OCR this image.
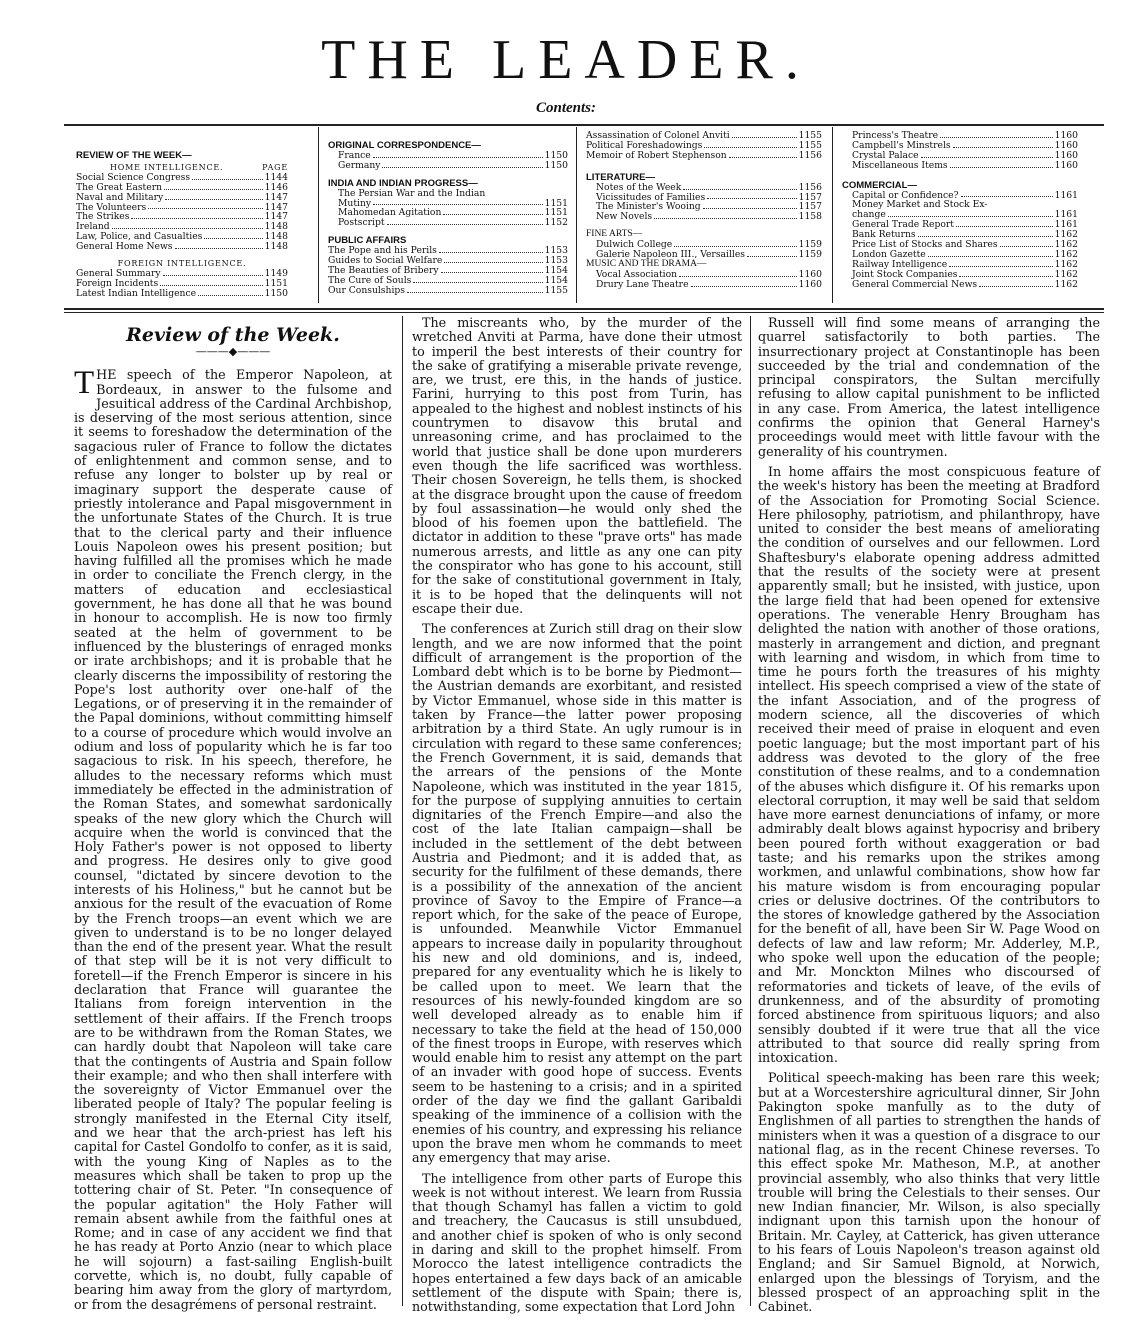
THE LEADER.
Contents:
REVIEW OF THE WEEK—
HOME INTELLIGENCE.	PAGE
Social Science Congress	1144
The Great Eastern	1146
Naval and Military	1147
The Volunteers	1147
The Strikes	1147
Ireland	1148
Law, Police, and Casualties	1148
General Home News	1148
FOREIGN INTELLIGENCE.
General Summary	1149
Foreign Incidents	1151
Latest Indian Intelligence	1150
ORIGINAL CORRESPONDENCE—
France	1150
Germany	1150
INDIA AND INDIAN PROGRESS—
The Persian War and the Indian
Mutiny	1151
Mahomedan Agitation	1151
Postscript	1152
PUBLIC AFFAIRS
The Pope and his Perils	1153
Guides to Social Welfare	1153
The Beauties of Bribery	1154
The Cure of Souls	1154
Our Consulships	1155
Assassination of Colonel Anviti	1155
Political Foreshadowings	1155
Memoir of Robert Stephenson	1156
LITERATURE—
Notes of the Week	1156
Vicissitudes of Families	1157
The Minister's Wooing	1157
New Novels	1158
FINE ARTS—
Dulwich College	1159
Galerie Napoleon III., Versailles	1159
MUSIC AND THE DRAMA—
Vocal Association	1160
Drury Lane Theatre	1160
Princess's Theatre	1160
Campbell's Minstrels	1160
Crystal Palace	1160
Miscellaneous Items	1160
COMMERCIAL—
Capital or Confidence?	1161
Money Market and Stock Ex-
change	1161
General Trade Report	1161
Bank Returns	1162
Price List of Stocks and Shares	1162
London Gazette	1162
Railway Intelligence	1162
Joint Stock Companies	1162
General Commercial News	1162
Review of the Week.
———◆———

THE speech of the Emperor Napoleon, at Bordeaux, in answer to the fulsome and Jesuitical address of the Cardinal Archbishop, is deserving of the most serious attention, since it seems to foreshadow the determination of the sagacious ruler of France to follow the dictates of enlightenment and common sense, and to refuse any longer to bolster up by real or imaginary support the desperate cause of priestly intolerance and Papal misgovernment in the unfortunate States of the Church. It is true that to the clerical party and their influence Louis Napoleon owes his present position; but having fulfilled all the promises which he made in order to conciliate the French clergy, in the matters of education and ecclesiastical government, he has done all that he was bound in honour to accomplish. He is now too firmly seated at the helm of government to be influenced by the blusterings of enraged monks or irate archbishops; and it is probable that he clearly discerns the impossibility of restoring the Pope's lost authority over one-half of the Legations, or of preserving it in the remainder of the Papal dominions, without committing himself to a course of procedure which would involve an odium and loss of popularity which he is far too sagacious to risk. In his speech, therefore, he alludes to the necessary reforms which must immediately be effected in the administration of the Roman States, and somewhat sardonically speaks of the new glory which the Church will acquire when the world is convinced that the Holy Father's power is not opposed to liberty and progress. He desires only to give good counsel, "dictated by sincere devotion to the interests of his Holiness," but he cannot but be anxious for the result of the evacuation of Rome by the French troops—an event which we are given to understand is to be no longer delayed than the end of the present year. What the result of that step will be it is not very difficult to foretell—if the French Emperor is sincere in his declaration that France will guarantee the Italians from foreign intervention in the settlement of their affairs. If the French troops are to be withdrawn from the Roman States, we can hardly doubt that Napoleon will take care that the contingents of Austria and Spain follow their example; and who then shall interfere with the sovereignty of Victor Emmanuel over the liberated people of Italy? The popular feeling is strongly manifested in the Eternal City itself, and we hear that the arch-priest has left his capital for Castel Gondolfo to confer, as it is said, with the young King of Naples as to the measures which shall be taken to prop up the tottering chair of St. Peter. "In consequence of the popular agitation" the Holy Father will remain absent awhile from the faithful ones at Rome; and in case of any accident we find that he has ready at Porto Anzio (near to which place he will sojourn) a fast-sailing English-built corvette, which is, no doubt, fully capable of bearing him away from the glory of martyrdom, or from the desagrémens of personal restraint.

The miscreants who, by the murder of the wretched Anviti at Parma, have done their utmost to imperil the best interests of their country for the sake of gratifying a miserable private revenge, are, we trust, ere this, in the hands of justice. Farini, hurrying to this post from Turin, has appealed to the highest and noblest instincts of his countrymen to disavow this brutal and unreasoning crime, and has proclaimed to the world that justice shall be done upon murderers even though the life sacrificed was worthless. Their chosen Sovereign, he tells them, is shocked at the disgrace brought upon the cause of freedom by foul assassination—he would only shed the blood of his foemen upon the battlefield. The dictator in addition to these "prave orts" has made numerous arrests, and little as any one can pity the conspirator who has gone to his account, still for the sake of constitutional government in Italy, it is to be hoped that the delinquents will not escape their due.

The conferences at Zurich still drag on their slow length, and we are now informed that the point difficult of arrangement is the proportion of the Lombard debt which is to be borne by Piedmont—the Austrian demands are exorbitant, and resisted by Victor Emmanuel, whose side in this matter is taken by France—the latter power proposing arbitration by a third State. An ugly rumour is in circulation with regard to these same conferences; the French Government, it is said, demands that the arrears of the pensions of the Monte Napoleone, which was instituted in the year 1815, for the purpose of supplying annuities to certain dignitaries of the French Empire—and also the cost of the late Italian campaign—shall be included in the settlement of the debt between Austria and Piedmont; and it is added that, as security for the fulfilment of these demands, there is a possibility of the annexation of the ancient province of Savoy to the Empire of France—a report which, for the sake of the peace of Europe, is unfounded. Meanwhile Victor Emmanuel appears to increase daily in popularity throughout his new and old dominions, and is, indeed, prepared for any eventuality which he is likely to be called upon to meet. We learn that the resources of his newly-founded kingdom are so well developed already as to enable him if necessary to take the field at the head of 150,000 of the finest troops in Europe, with reserves which would enable him to resist any attempt on the part of an invader with good hope of success. Events seem to be hastening to a crisis; and in a spirited order of the day we find the gallant Garibaldi speaking of the imminence of a collision with the enemies of his country, and expressing his reliance upon the brave men whom he commands to meet any emergency that may arise.

The intelligence from other parts of Europe this week is not without interest. We learn from Russia that though Schamyl has fallen a victim to gold and treachery, the Caucasus is still unsubdued, and another chief is spoken of who is only second in daring and skill to the prophet himself. From Morocco the latest intelligence contradicts the hopes entertained a few days back of an amicable settlement of the dispute with Spain; there is, notwithstanding, some expectation that Lord John

Russell will find some means of arranging the quarrel satisfactorily to both parties. The insurrectionary project at Constantinople has been succeeded by the trial and condemnation of the principal conspirators, the Sultan mercifully refusing to allow capital punishment to be inflicted in any case. From America, the latest intelligence confirms the opinion that General Harney's proceedings would meet with little favour with the generality of his countrymen.

In home affairs the most conspicuous feature of the week's history has been the meeting at Bradford of the Association for Promoting Social Science. Here philosophy, patriotism, and philanthropy, have united to consider the best means of ameliorating the condition of ourselves and our fellowmen. Lord Shaftesbury's elaborate opening address admitted that the results of the society were at present apparently small; but he insisted, with justice, upon the large field that had been opened for extensive operations. The venerable Henry Brougham has delighted the nation with another of those orations, masterly in arrangement and diction, and pregnant with learning and wisdom, in which from time to time he pours forth the treasures of his mighty intellect. His speech comprised a view of the state of the infant Association, and of the progress of modern science, all the discoveries of which received their meed of praise in eloquent and even poetic language; but the most important part of his address was devoted to the glory of the free constitution of these realms, and to a condemnation of the abuses which disfigure it. Of his remarks upon electoral corruption, it may well be said that seldom have more earnest denunciations of infamy, or more admirably dealt blows against hypocrisy and bribery been poured forth without exaggeration or bad taste; and his remarks upon the strikes among workmen, and unlawful combinations, show how far his mature wisdom is from encouraging popular cries or delusive doctrines. Of the contributors to the stores of knowledge gathered by the Association for the benefit of all, have been Sir W. Page Wood on defects of law and law reform; Mr. Adderley, M.P., who spoke well upon the education of the people; and Mr. Monckton Milnes who discoursed of reformatories and tickets of leave, of the evils of drunkenness, and of the absurdity of promoting forced abstinence from spirituous liquors; and also sensibly doubted if it were true that all the vice attributed to that source did really spring from intoxication.

Political speech-making has been rare this week; but at a Worcestershire agricultural dinner, Sir John Pakington spoke manfully as to the duty of Englishmen of all parties to strengthen the hands of ministers when it was a question of a disgrace to our national flag, as in the recent Chinese reverses. To this effect spoke Mr. Matheson, M.P., at another provincial assembly, who also thinks that very little trouble will bring the Celestials to their senses. Our new Indian financier, Mr. Wilson, is also specially indignant upon this tarnish upon the honour of Britain. Mr. Cayley, at Catterick, has given utterance to his fears of Louis Napoleon's treason against old England; and Sir Samuel Bignold, at Norwich, enlarged upon the blessings of Toryism, and the blessed prospect of an approaching split in the Cabinet.
